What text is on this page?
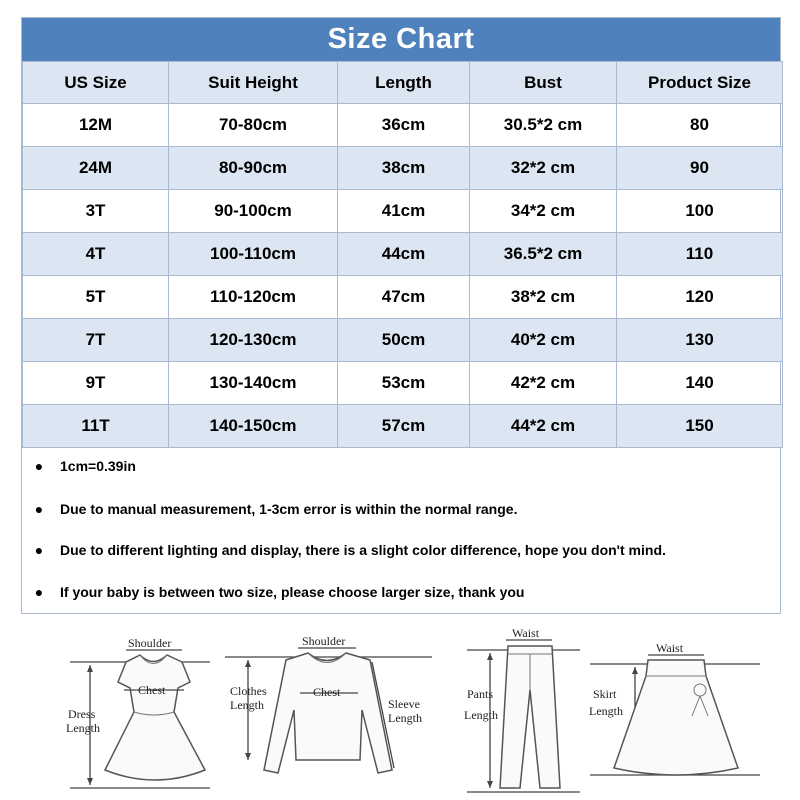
Size Chart
US Size	Suit Height	Length	Bust	Product Size
12M	70-80cm	36cm	30.5*2 cm	80
24M	80-90cm	38cm	32*2 cm	90
3T	90-100cm	41cm	34*2 cm	100
4T	100-110cm	44cm	36.5*2 cm	110
5T	110-120cm	47cm	38*2 cm	120
7T	120-130cm	50cm	40*2 cm	130
9T	130-140cm	53cm	42*2 cm	140
11T	140-150cm	57cm	44*2 cm	150
● 1cm=0.39in
● Due to manual measurement, 1-3cm error is within the normal range.
● Due to different lighting and display, there is a slight color difference, hope you don't mind.
● If your baby is between two size, please choose larger size, thank you
Shoulder
Chest
Dress
Length
Shoulder
Chest
Clothes
Length	Sleeve
Length
Waist
Pants
Length
Waist
Skirt
Length
